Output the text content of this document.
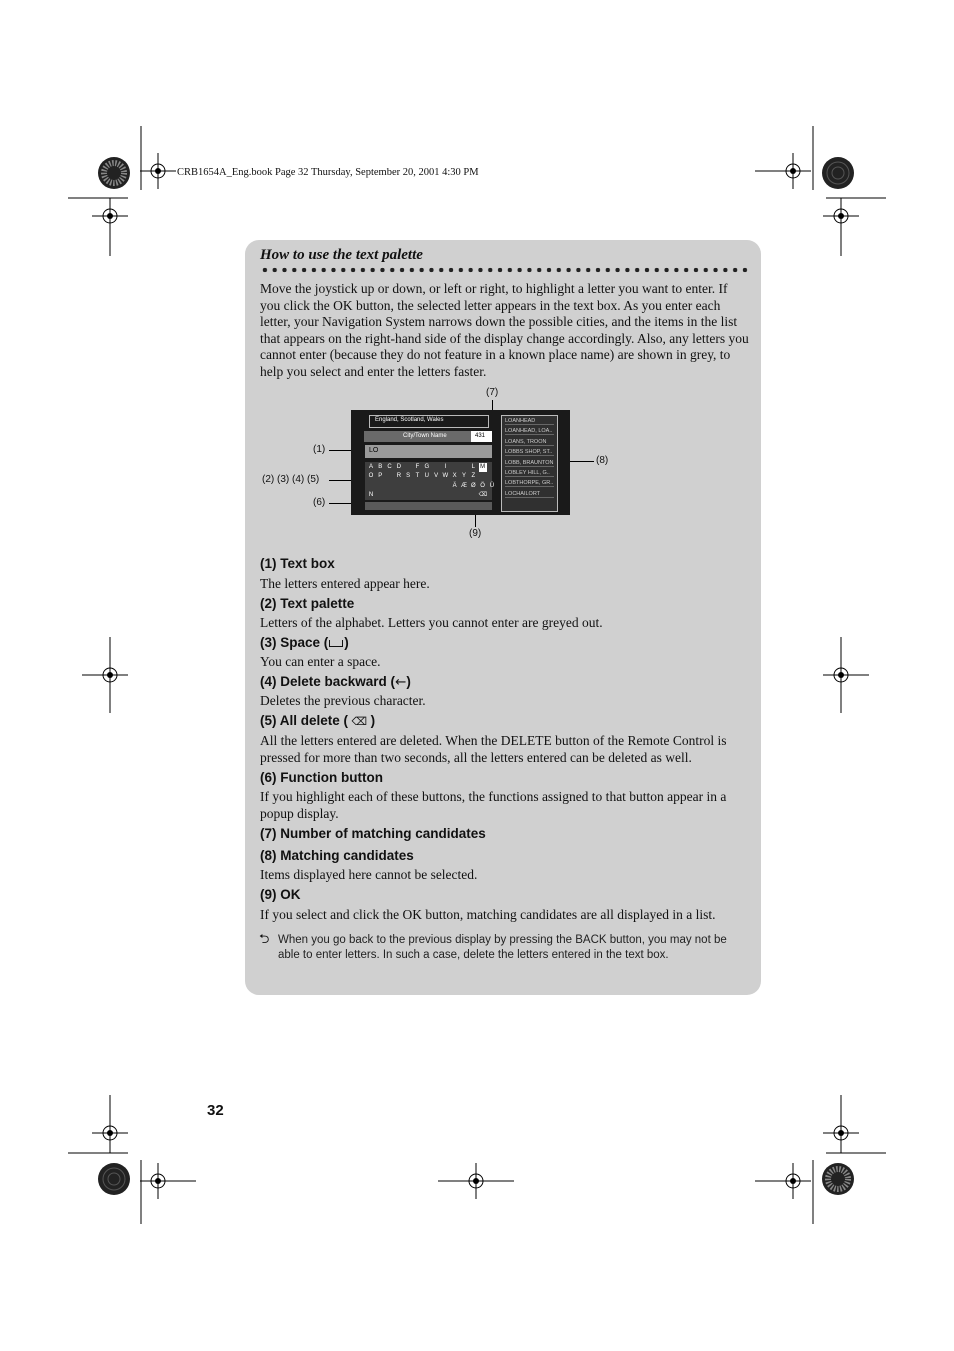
CRB1654A_Eng.book Page 32 Thursday, September 20, 2001 4:30 PM
How to use the text palette
Move the joystick up or down, or left or right, to highlight a letter you want to enter. If you click the OK button, the selected letter appears in the text box. As you enter each letter, your Navigation System narrows down the possible cities, and the items in the list that appears on the right-hand side of the display change accordingly. Also, any letters you cannot enter (because they do not feature in a known place name) are shown in grey, to help you select and enter the letters faster.
(7)
(1)
(2) (3) (4) (5)
(6)
(8)
(9)
England, Scotland, Wales
City/Town Name	431
LO
A B C D	F G	I	L M
O P	R S T U V W X Y Z
Ä Æ Ø Ö Ü
N	⌫
LOANHEAD
LOANHEAD, LOA..
LOANS, TROON
LOBBS SHOP, ST..
LOBB, BRAUNTON
LOBLEY HILL, G..
LOBTHORPE, GR..
LOCHAILORT
(1) Text box
The letters entered appear here.
(2) Text palette
Letters of the alphabet. Letters you cannot enter are greyed out.
(3) Space ( )
You can enter a space.
(4) Delete backward (←)
Deletes the previous character.
(5) All delete ( ⌫ )
All the letters entered are deleted. When the DELETE button of the Remote Control is pressed for more than two seconds, all the letters entered can be deleted as well.
(6) Function button
If you highlight each of these buttons, the functions assigned to that button appear in a popup display.
(7) Number of matching candidates
(8) Matching candidates
Items displayed here cannot be selected.
(9) OK
If you select and click the OK button, matching candidates are all displayed in a list.
⮌ When you go back to the previous display by pressing the BACK button, you may not be able to enter letters. In such a case, delete the letters entered in the text box.
32
